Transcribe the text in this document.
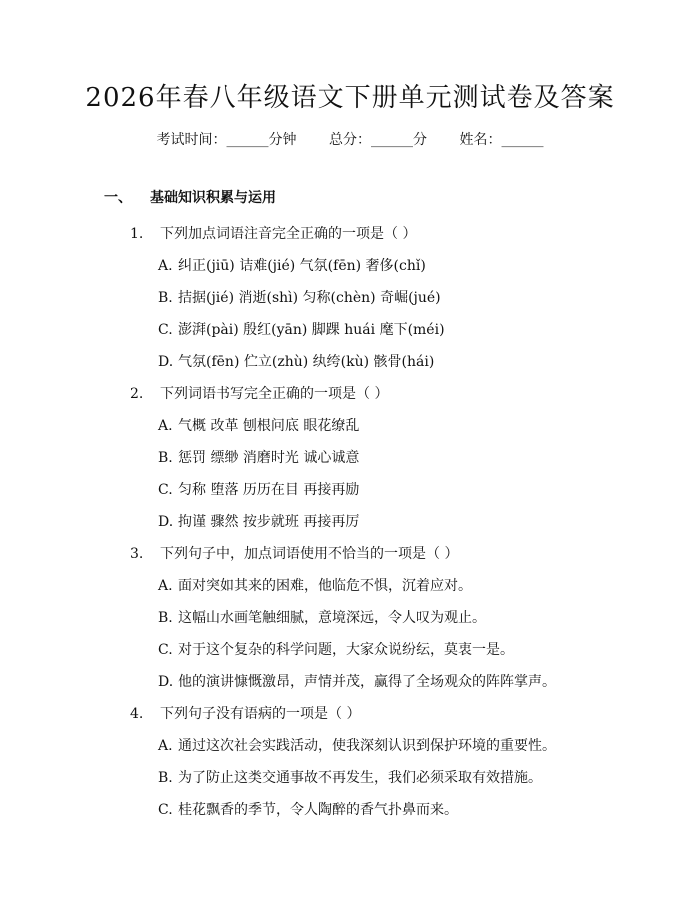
2026年春八年级语文下册单元测试卷及答案
考试时间：______分钟 总分：______分 姓名：______
一、 基础知识积累与运用
1. 下列加点词语注音完全正确的一项是（ ）
A. 纠正(jiū) 诘难(jié) 气氛(fēn) 奢侈(chǐ)
B. 拮据(jié) 消逝(shì) 匀称(chèn) 奇崛(jué)
C. 澎湃(pài) 殷红(yān) 脚踝 huái 麾下(méi)
D. 气氛(fēn) 伫立(zhù) 纨绔(kù) 骸骨(hái)
2. 下列词语书写完全正确的一项是（ ）
A. 气概 改革 刨根问底 眼花缭乱
B. 惩罚 缥缈 消磨时光 诚心诚意
C. 匀称 堕落 历历在目 再接再励
D. 拘谨 骤然 按步就班 再接再厉
3. 下列句子中，加点词语使用不恰当的一项是（ ）
A. 面对突如其来的困难，他临危不惧，沉着应对。
B. 这幅山水画笔触细腻，意境深远，令人叹为观止。
C. 对于这个复杂的科学问题，大家众说纷纭，莫衷一是。
D. 他的演讲慷慨激昂，声情并茂，赢得了全场观众的阵阵掌声。
4. 下列句子没有语病的一项是（ ）
A. 通过这次社会实践活动，使我深刻认识到保护环境的重要性。
B. 为了防止这类交通事故不再发生，我们必须采取有效措施。
C. 桂花飘香的季节，令人陶醉的香气扑鼻而来。
